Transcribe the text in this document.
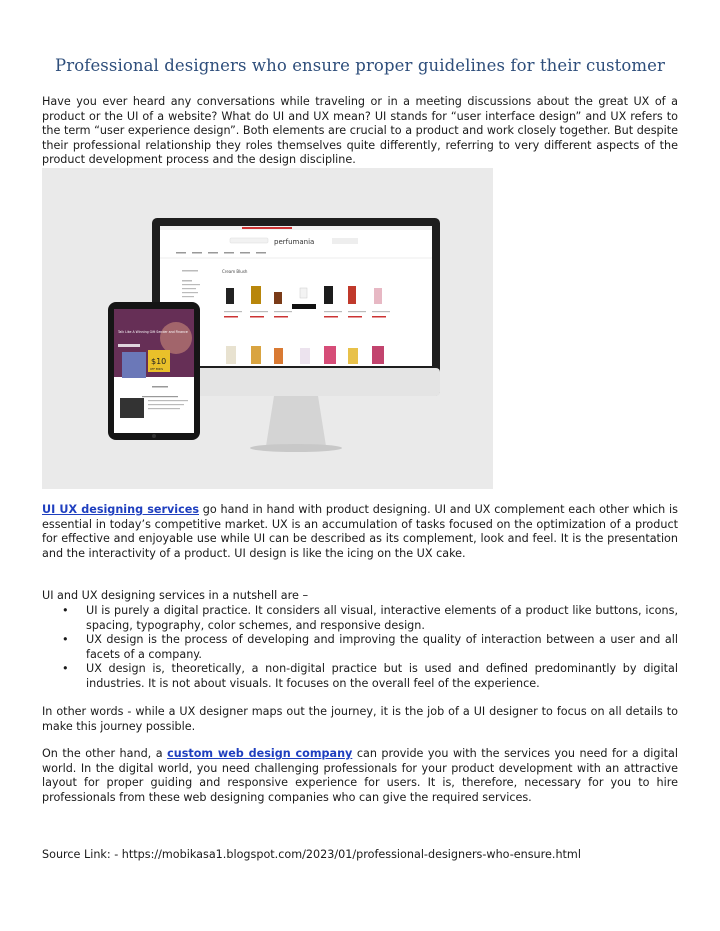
Professional designers who ensure proper guidelines for their customer

Have you ever heard any conversations while traveling or in a meeting discussions about the great UX of a product or the UI of a website? What do UI and UX mean? UI stands for “user interface design” and UX refers to the term “user experience design”. Both elements are crucial to a product and work closely together. But despite their professional relationship they roles themselves quite differently, referring to very different aspects of the product development process and the design discipline.

perfumania
Cream Blush
Talk Like A Winning Gift Sender and Finance
$10
OFF ENDS

UI UX designing services go hand in hand with product designing. UI and UX complement each other which is essential in today’s competitive market. UX is an accumulation of tasks focused on the optimization of a product for effective and enjoyable use while UI can be described as its complement, look and feel. It is the presentation and the interactivity of a product. UI design is like the icing on the UX cake.

UI and UX designing services in a nutshell are –

• UI is purely a digital practice. It considers all visual, interactive elements of a product like buttons, icons, spacing, typography, color schemes, and responsive design.
• UX design is the process of developing and improving the quality of interaction between a user and all facets of a company.
• UX design is, theoretically, a non-digital practice but is used and defined predominantly by digital industries. It is not about visuals. It focuses on the overall feel of the experience.

In other words - while a UX designer maps out the journey, it is the job of a UI designer to focus on all details to make this journey possible.

On the other hand, a custom web design company can provide you with the services you need for a digital world. In the digital world, you need challenging professionals for your product development with an attractive layout for proper guiding and responsive experience for users. It is, therefore, necessary for you to hire professionals from these web designing companies who can give the required services.

Source Link: - https://mobikasa1.blogspot.com/2023/01/professional-designers-who-ensure.html
